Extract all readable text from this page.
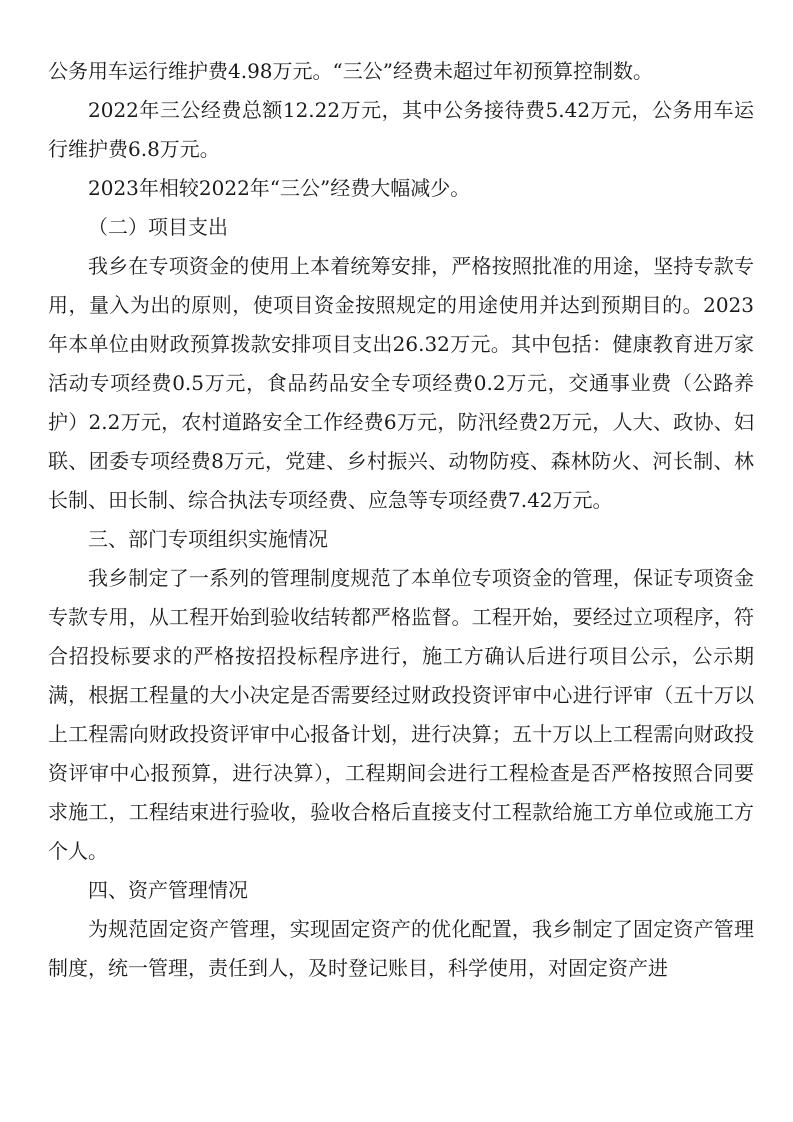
公务用车运行维护费4.98万元。“三公”经费未超过年初预算控制数。

2022年三公经费总额12.22万元，其中公务接待费5.42万元，公务用车运行维护费6.8万元。

2023年相较2022年“三公”经费大幅减少。

（二）项目支出

我乡在专项资金的使用上本着统筹安排，严格按照批准的用途，坚持专款专用，量入为出的原则，使项目资金按照规定的用途使用并达到预期目的。2023年本单位由财政预算拨款安排项目支出26.32万元。其中包括：健康教育进万家活动专项经费0.5万元，食品药品安全专项经费0.2万元，交通事业费（公路养护）2.2万元，农村道路安全工作经费6万元，防汛经费2万元，人大、政协、妇联、团委专项经费8万元，党建、乡村振兴、动物防疫、森林防火、河长制、林长制、田长制、综合执法专项经费、应急等专项经费7.42万元。

三、部门专项组织实施情况

我乡制定了一系列的管理制度规范了本单位专项资金的管理，保证专项资金专款专用，从工程开始到验收结转都严格监督。工程开始，要经过立项程序，符合招投标要求的严格按招投标程序进行，施工方确认后进行项目公示，公示期满，根据工程量的大小决定是否需要经过财政投资评审中心进行评审（五十万以上工程需向财政投资评审中心报备计划，进行决算；五十万以上工程需向财政投资评审中心报预算，进行决算），工程期间会进行工程检查是否严格按照合同要求施工，工程结束进行验收，验收合格后直接支付工程款给施工方单位或施工方个人。

四、资产管理情况

为规范固定资产管理，实现固定资产的优化配置，我乡制定了固定资产管理制度，统一管理，责任到人，及时登记账目，科学使用，对固定资产进
